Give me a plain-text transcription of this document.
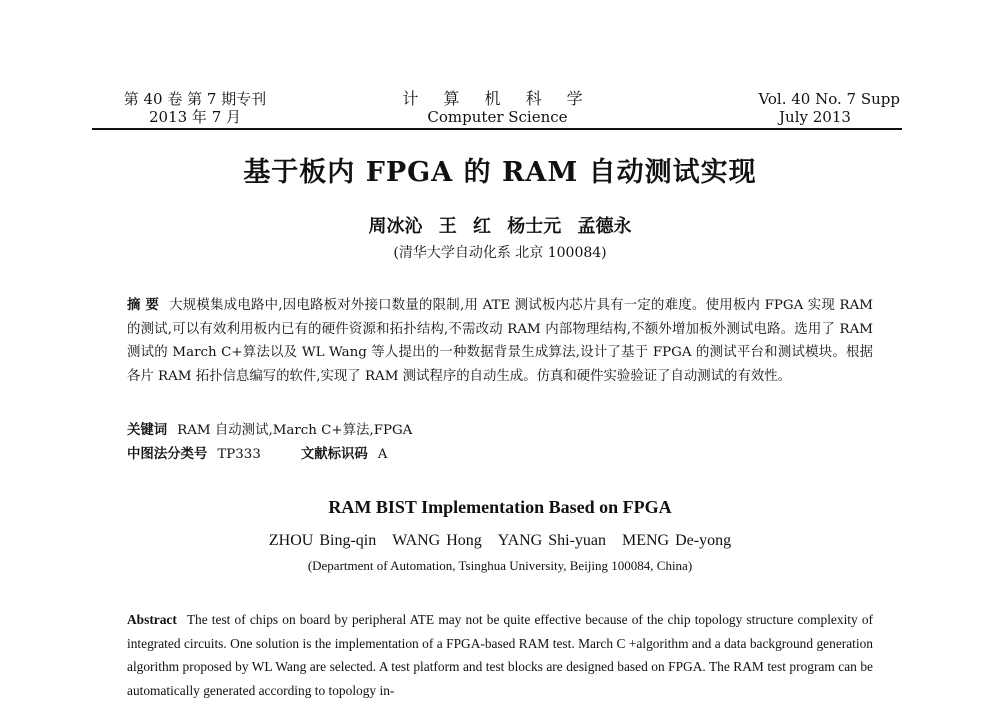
第 40 卷 第 7 期专刊
2013 年 7 月
计 算 机 科 学
Computer Science
Vol. 40 No. 7 Supp
July 2013
基于板内 FPGA 的 RAM 自动测试实现
周冰沁 王 红 杨士元 孟德永
(清华大学自动化系 北京 100084)
摘 要 大规模集成电路中,因电路板对外接口数量的限制,用 ATE 测试板内芯片具有一定的难度。使用板内 FPGA 实现 RAM 的测试,可以有效利用板内已有的硬件资源和拓扑结构,不需改动 RAM 内部物理结构,不额外增加板外测试电路。选用了 RAM 测试的 March C+算法以及 WL Wang 等人提出的一种数据背景生成算法,设计了基于 FPGA 的测试平台和测试模块。根据各片 RAM 拓扑信息编写的软件,实现了 RAM 测试程序的自动生成。仿真和硬件实验验证了自动测试的有效性。
关键词 RAM 自动测试,March C+算法,FPGA
中图法分类号 TP333	文献标识码 A
RAM BIST Implementation Based on FPGA
ZHOU Bing-qin WANG Hong YANG Shi-yuan MENG De-yong
(Department of Automation, Tsinghua University, Beijing 100084, China)
Abstract The test of chips on board by peripheral ATE may not be quite effective because of the chip topology structure complexity of integrated circuits. One solution is the implementation of a FPGA-based RAM test. March C +algorithm and a data background generation algorithm proposed by WL Wang are selected. A test platform and test blocks are designed based on FPGA. The RAM test program can be automatically generated according to topology in-
